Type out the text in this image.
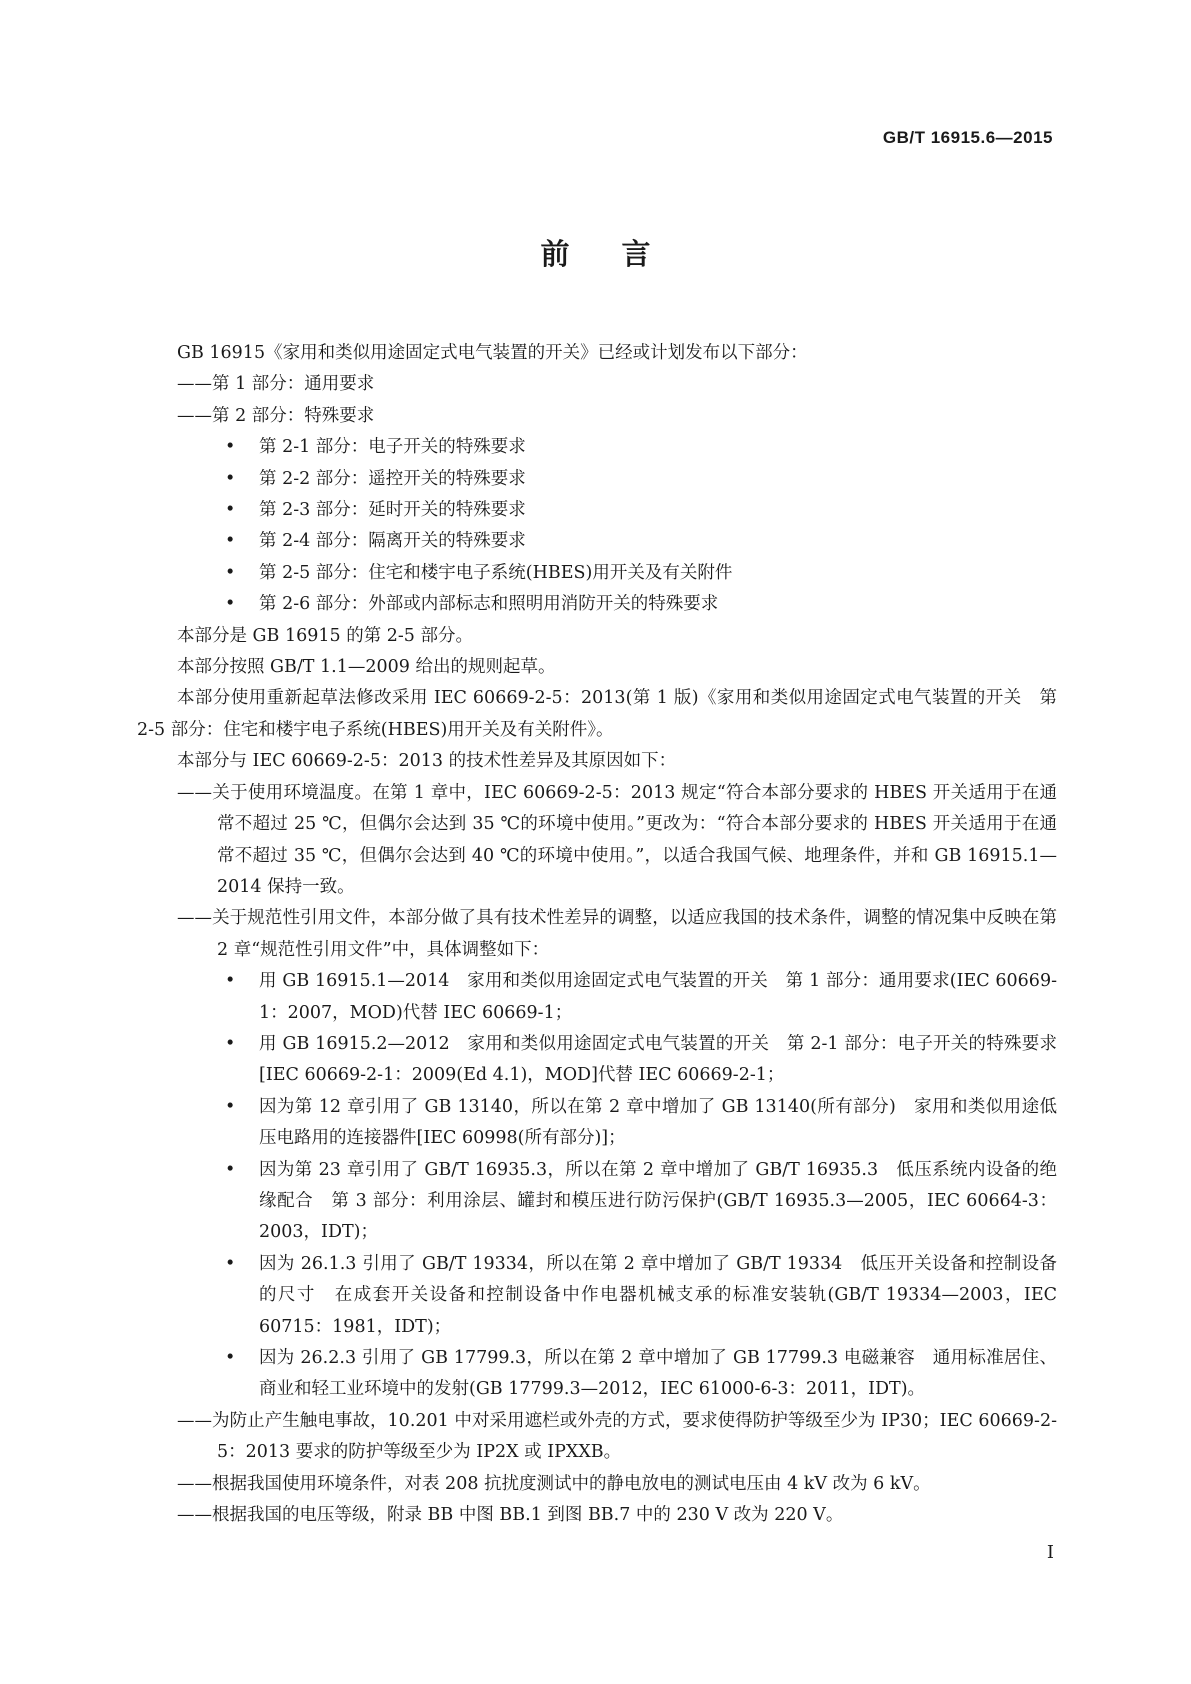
GB/T 16915.6—2015
前言

GB 16915《家用和类似用途固定式电气装置的开关》已经或计划发布以下部分：

——第 1 部分：通用要求

——第 2 部分：特殊要求

• 第 2-1 部分：电子开关的特殊要求
• 第 2-2 部分：遥控开关的特殊要求
• 第 2-3 部分：延时开关的特殊要求
• 第 2-4 部分：隔离开关的特殊要求
• 第 2-5 部分：住宅和楼宇电子系统(HBES)用开关及有关附件
• 第 2-6 部分：外部或内部标志和照明用消防开关的特殊要求

本部分是 GB 16915 的第 2-5 部分。

本部分按照 GB/T 1.1—2009 给出的规则起草。

本部分使用重新起草法修改采用 IEC 60669-2-5：2013(第 1 版)《家用和类似用途固定式电气装置的开关　第 2-5 部分：住宅和楼宇电子系统(HBES)用开关及有关附件》。

本部分与 IEC 60669-2-5：2013 的技术性差异及其原因如下：

——关于使用环境温度。在第 1 章中，IEC 60669-2-5：2013 规定“符合本部分要求的 HBES 开关适用于在通常不超过 25 ℃，但偶尔会达到 35 ℃的环境中使用。”更改为：“符合本部分要求的 HBES 开关适用于在通常不超过 35 ℃，但偶尔会达到 40 ℃的环境中使用。”，以适合我国气候、地理条件，并和 GB 16915.1—2014 保持一致。
——关于规范性引用文件，本部分做了具有技术性差异的调整，以适应我国的技术条件，调整的情况集中反映在第 2 章“规范性引用文件”中，具体调整如下：
• 用 GB 16915.1—2014　家用和类似用途固定式电气装置的开关　第 1 部分：通用要求(IEC 60669-1：2007，MOD)代替 IEC 60669-1；
• 用 GB 16915.2—2012　家用和类似用途固定式电气装置的开关　第 2-1 部分：电子开关的特殊要求[IEC 60669-2-1：2009(Ed 4.1)，MOD]代替 IEC 60669-2-1；
• 因为第 12 章引用了 GB 13140，所以在第 2 章中增加了 GB 13140(所有部分)　家用和类似用途低压电路用的连接器件[IEC 60998(所有部分)]；
• 因为第 23 章引用了 GB/T 16935.3，所以在第 2 章中增加了 GB/T 16935.3　低压系统内设备的绝缘配合　第 3 部分：利用涂层、罐封和模压进行防污保护(GB/T 16935.3—2005，IEC 60664-3：2003，IDT)；
• 因为 26.1.3 引用了 GB/T 19334，所以在第 2 章中增加了 GB/T 19334　低压开关设备和控制设备的尺寸　在成套开关设备和控制设备中作电器机械支承的标准安装轨(GB/T 19334—2003，IEC 60715：1981，IDT)；
• 因为 26.2.3 引用了 GB 17799.3，所以在第 2 章中增加了 GB 17799.3 电磁兼容　通用标准居住、商业和轻工业环境中的发射(GB 17799.3—2012，IEC 61000-6-3：2011，IDT)。
——为防止产生触电事故，10.201 中对采用遮栏或外壳的方式，要求使得防护等级至少为 IP30；IEC 60669-2-5：2013 要求的防护等级至少为 IP2X 或 IPXXB。
——根据我国使用环境条件，对表 208 抗扰度测试中的静电放电的测试电压由 4 kV 改为 6 kV。
——根据我国的电压等级，附录 BB 中图 BB.1 到图 BB.7 中的 230 V 改为 220 V。
I
